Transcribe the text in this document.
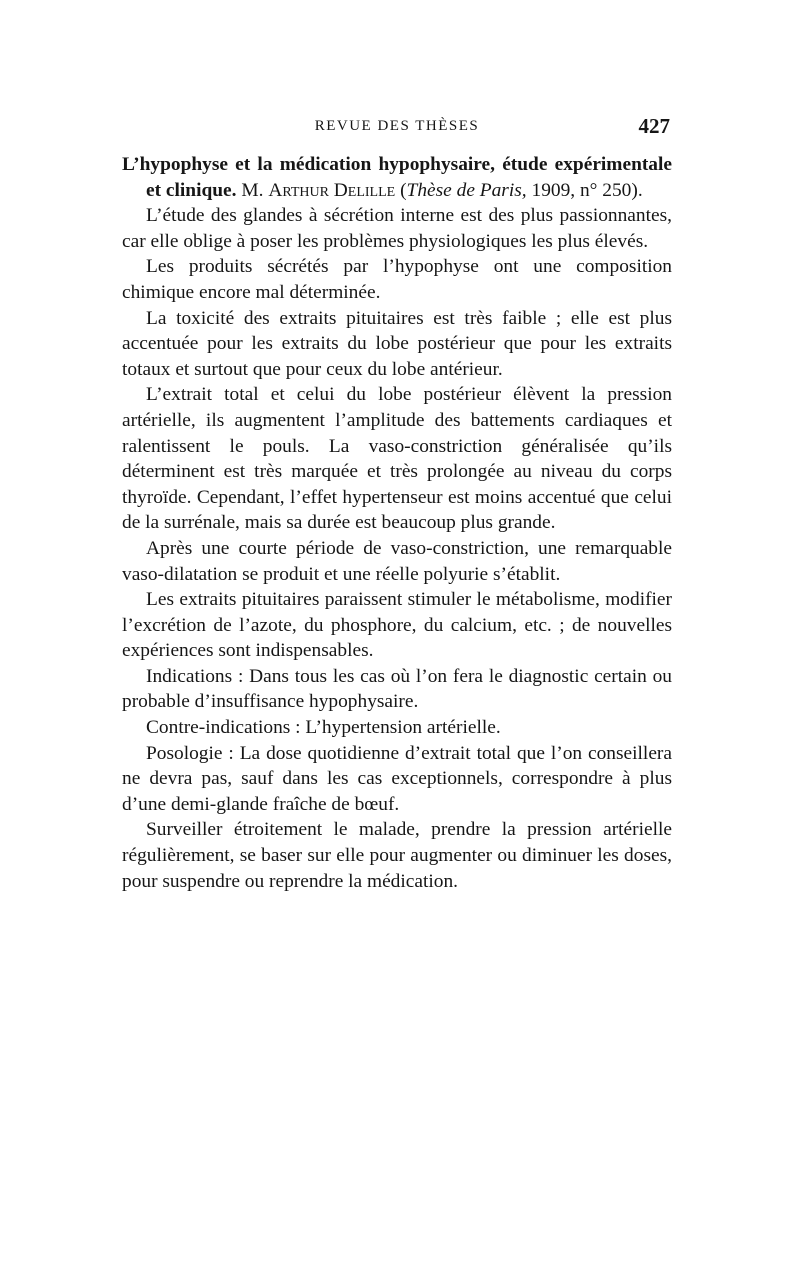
REVUE DES THÈSES	427

L’hypophyse et la médication hypophysaire, étude expérimentale et clinique. M. Arthur Delille (Thèse de Paris, 1909, n° 250).

L’étude des glandes à sécrétion interne est des plus passionnantes, car elle oblige à poser les problèmes physiologiques les plus élevés.

Les produits sécrétés par l’hypophyse ont une composition chimique encore mal déterminée.

La toxicité des extraits pituitaires est très faible ; elle est plus accentuée pour les extraits du lobe postérieur que pour les extraits totaux et surtout que pour ceux du lobe antérieur.

L’extrait total et celui du lobe postérieur élèvent la pression artérielle, ils augmentent l’amplitude des battements cardiaques et ralentissent le pouls. La vaso-constriction généralisée qu’ils déterminent est très marquée et très prolongée au niveau du corps thyroïde. Cependant, l’effet hypertenseur est moins accentué que celui de la surrénale, mais sa durée est beaucoup plus grande.

Après une courte période de vaso-constriction, une remarquable vaso-dilatation se produit et une réelle polyurie s’établit.

Les extraits pituitaires paraissent stimuler le métabolisme, modifier l’excrétion de l’azote, du phosphore, du calcium, etc. ; de nouvelles expériences sont indispensables.

Indications : Dans tous les cas où l’on fera le diagnostic certain ou probable d’insuffisance hypophysaire.

Contre-indications : L’hypertension artérielle.

Posologie : La dose quotidienne d’extrait total que l’on conseillera ne devra pas, sauf dans les cas exceptionnels, correspondre à plus d’une demi-glande fraîche de bœuf.

Surveiller étroitement le malade, prendre la pression artérielle régulièrement, se baser sur elle pour augmenter ou diminuer les doses, pour suspendre ou reprendre la médication.
